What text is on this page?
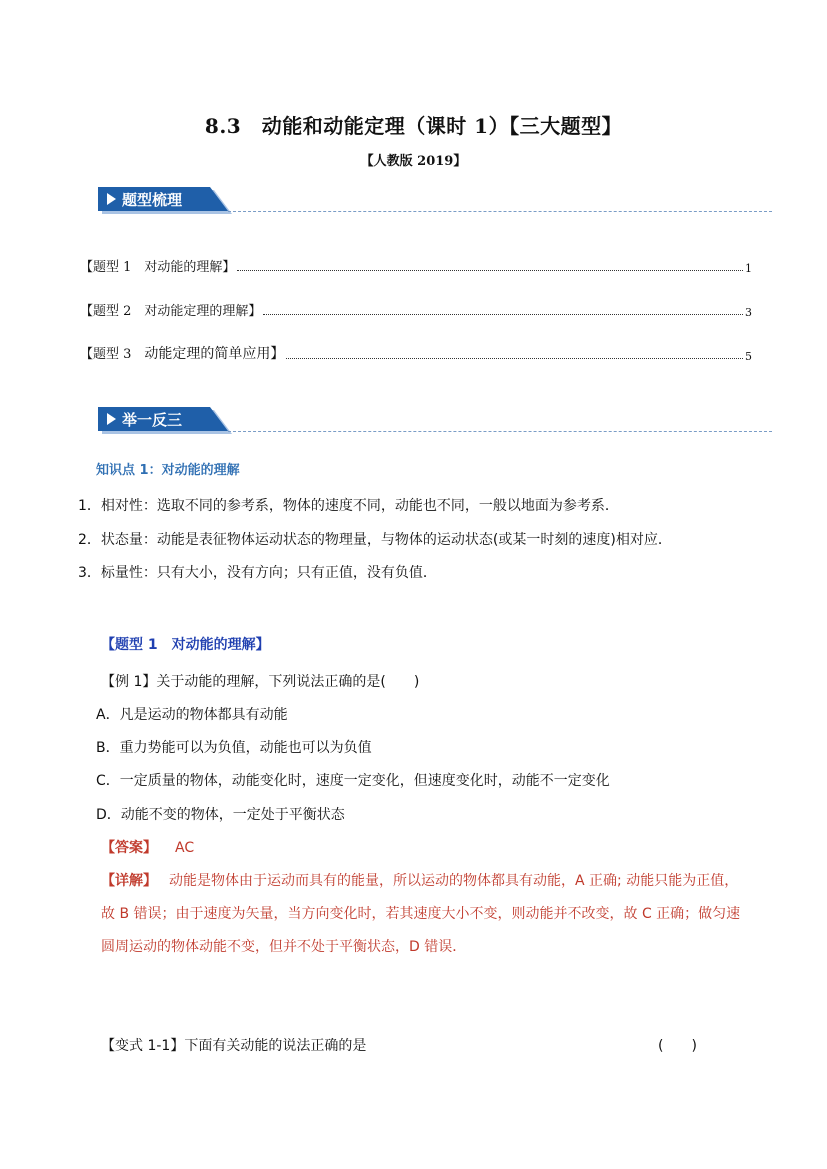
8.3　动能和动能定理（课时 1）【三大题型】
【人教版 2019】
题型梳理
【题型 1　对动能的理解】	1
【题型 2　对动能定理的理解】	3
【题型 3　动能定理的简单应用】	5
举一反三
知识点 1：对动能的理解
1．相对性：选取不同的参考系，物体的速度不同，动能也不同，一般以地面为参考系．
2．状态量：动能是表征物体运动状态的物理量，与物体的运动状态(或某一时刻的速度)相对应．
3．标量性：只有大小，没有方向；只有正值，没有负值．
【题型 1　对动能的理解】
【例 1】关于动能的理解，下列说法正确的是(　　)
A．凡是运动的物体都具有动能
B．重力势能可以为负值，动能也可以为负值
C．一定质量的物体，动能变化时，速度一定变化，但速度变化时，动能不一定变化
D．动能不变的物体，一定处于平衡状态
【答案】 AC
【详解】 动能是物体由于运动而具有的能量，所以运动的物体都具有动能，A 正确; 动能只能为正值，
故 B 错误；由于速度为矢量，当方向变化时，若其速度大小不变，则动能并不改变，故 C 正确；做匀速
圆周运动的物体动能不变，但并不处于平衡状态，D 错误．
【变式 1-1】下面有关动能的说法正确的是	(　　)
